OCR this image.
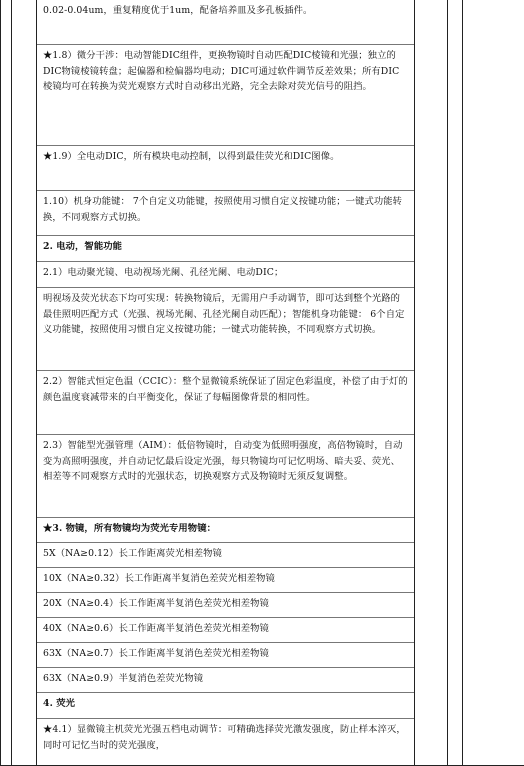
0.02-0.04um，重复精度优于1um，配备培养皿及多孔板插件。
★1.8）微分干涉：电动智能DIC组件，更换物镜时自动匹配DIC棱镜和光强；独立的DIC物镜棱镜转盘；起偏器和检偏器均电动；DIC可通过软件调节反差效果；所有DIC棱镜均可在转换为荧光观察方式时自动移出光路，完全去除对荧光信号的阻挡。
★1.9）全电动DIC，所有模块电动控制，以得到最佳荧光和DIC图像。
1.10）机身功能键： 7个自定义功能键，按照使用习惯自定义按键功能；一键式功能转换，不同观察方式切换。
2. 电动，智能功能
2.1）电动聚光镜、电动视场光阑、孔径光阑、电动DIC；
明视场及荧光状态下均可实现：转换物镜后，无需用户手动调节，即可达到整个光路的最佳照明匹配方式（光强、视场光阑、孔径光阑自动匹配）；智能机身功能键： 6个自定义功能键，按照使用习惯自定义按键功能；一键式功能转换，不同观察方式切换。
2.2）智能式恒定色温（CCIC）：整个显微镜系统保证了固定色彩温度，补偿了由于灯的颜色温度衰减带来的白平衡变化，保证了每幅图像背景的相同性。
2.3）智能型光强管理（AIM）：低倍物镜时，自动变为低照明强度，高倍物镜时，自动变为高照明强度，并自动记忆最后设定光强，每只物镜均可记忆明场、暗夫妥、荧光、相差等不同观察方式时的光强状态，切换观察方式及物镜时无须反复调整。
★3. 物镜，所有物镜均为荧光专用物镜：
5X（NA≥0.12）长工作距离荧光相差物镜
10X（NA≥0.32）长工作距离半复消色差荧光相差物镜
20X（NA≥0.4）长工作距离半复消色差荧光相差物镜
40X（NA≥0.6）长工作距离半复消色差荧光相差物镜
63X（NA≥0.7）长工作距离半复消色差荧光相差物镜
63X（NA≥0.9）半复消色差荧光物镜
4. 荧光
★4.1）显微镜主机荧光光强五档电动调节：可精确选择荧光激发强度，防止样本淬灭，同时可记忆当时的荧光强度，
